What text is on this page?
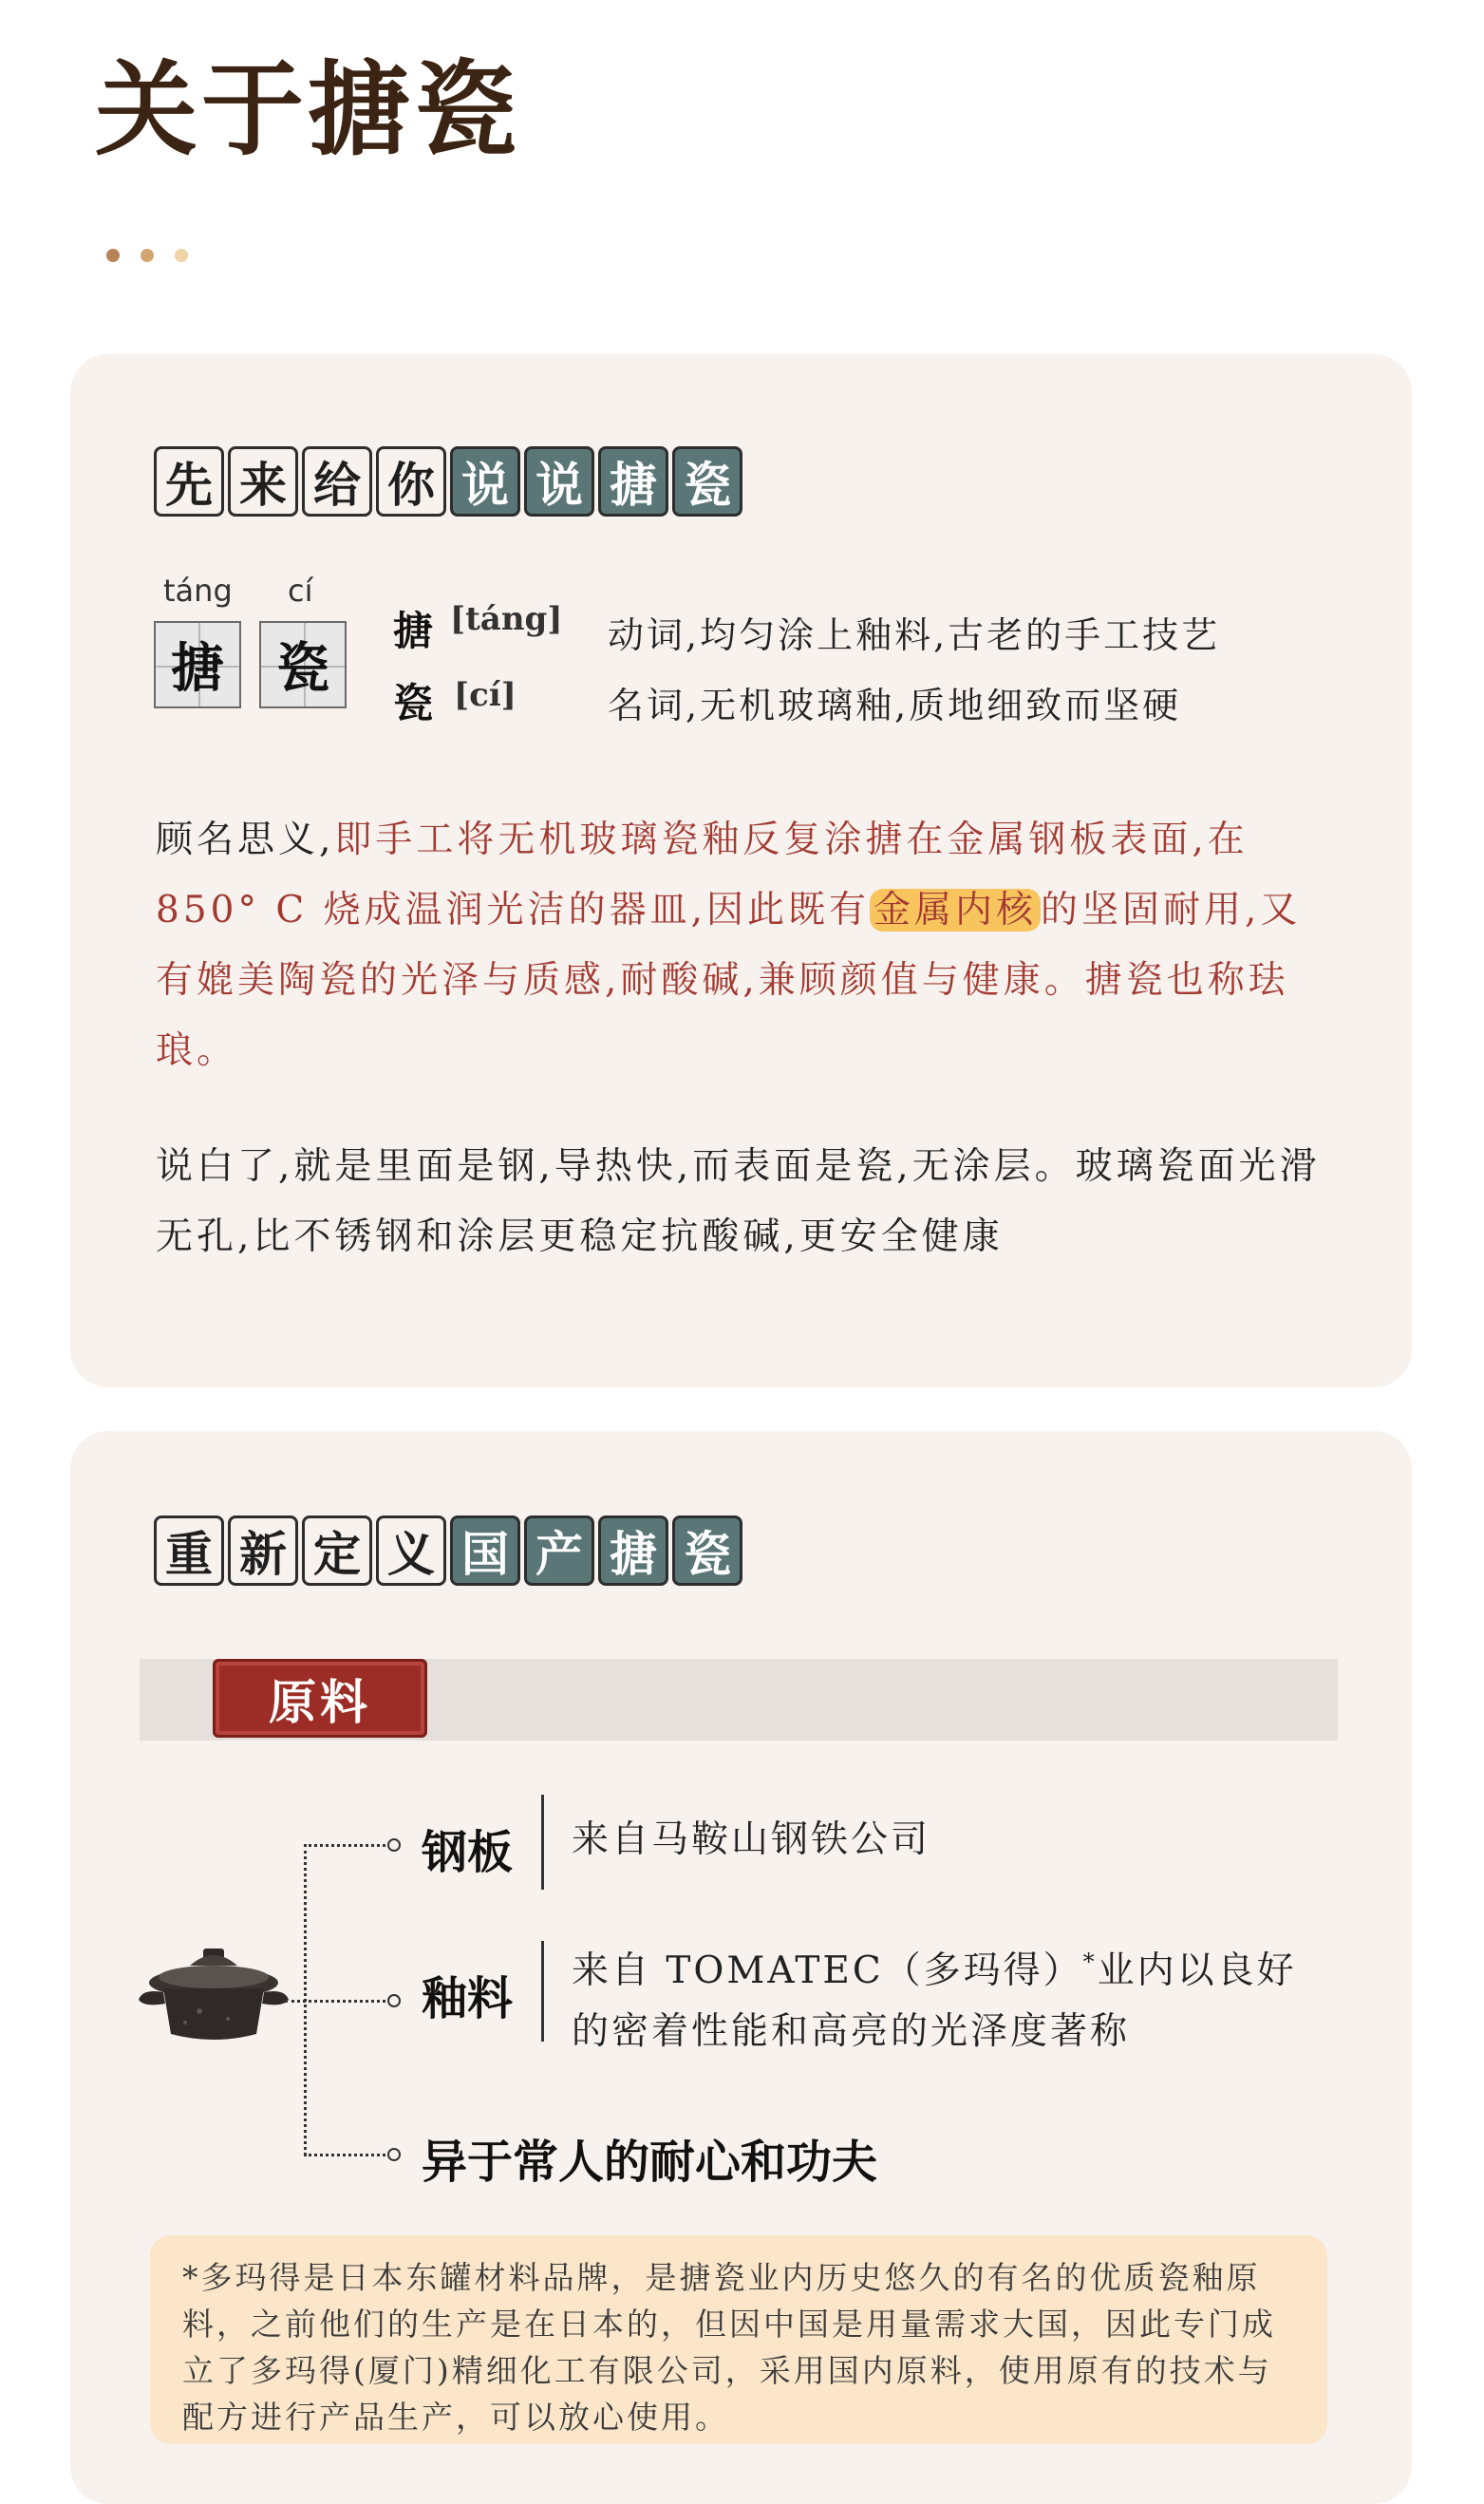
关于搪瓷
先 来 给 你 说 说 搪 瓷
táng cí
搪 瓷
搪 [táng] 动词,均匀涂上釉料,古老的手工技艺
瓷 [cí]	名词,无机玻璃釉,质地细致而坚硬
顾名思义,即手工将无机玻璃瓷釉反复涂搪在金属钢板表面,在 850° C 烧成温润光洁的器皿,因此既有 金属内核 的坚固耐用,又有媲美陶瓷的光泽与质感,耐酸碱,兼顾颜值与健康。搪瓷也称珐琅。
说白了,就是里面是钢,导热快,而表面是瓷,无涂层。玻璃瓷面光滑无孔,比不锈钢和涂层更稳定抗酸碱,更安全健康
重 新 定 义 国 产 搪 瓷
原料
钢板 来自马鞍山钢铁公司
釉料
来自 TOMATEC（多玛得）*业内以良好
的密着性能和高亮的光泽度著称
异于常人的耐心和功夫
*多玛得是日本东罐材料品牌，是搪瓷业内历史悠久的有名的优质瓷釉原料，之前他们的生产是在日本的，但因中国是用量需求大国，因此专门成立了多玛得(厦门)精细化工有限公司，采用国内原料，使用原有的技术与配方进行产品生产，可以放心使用。
